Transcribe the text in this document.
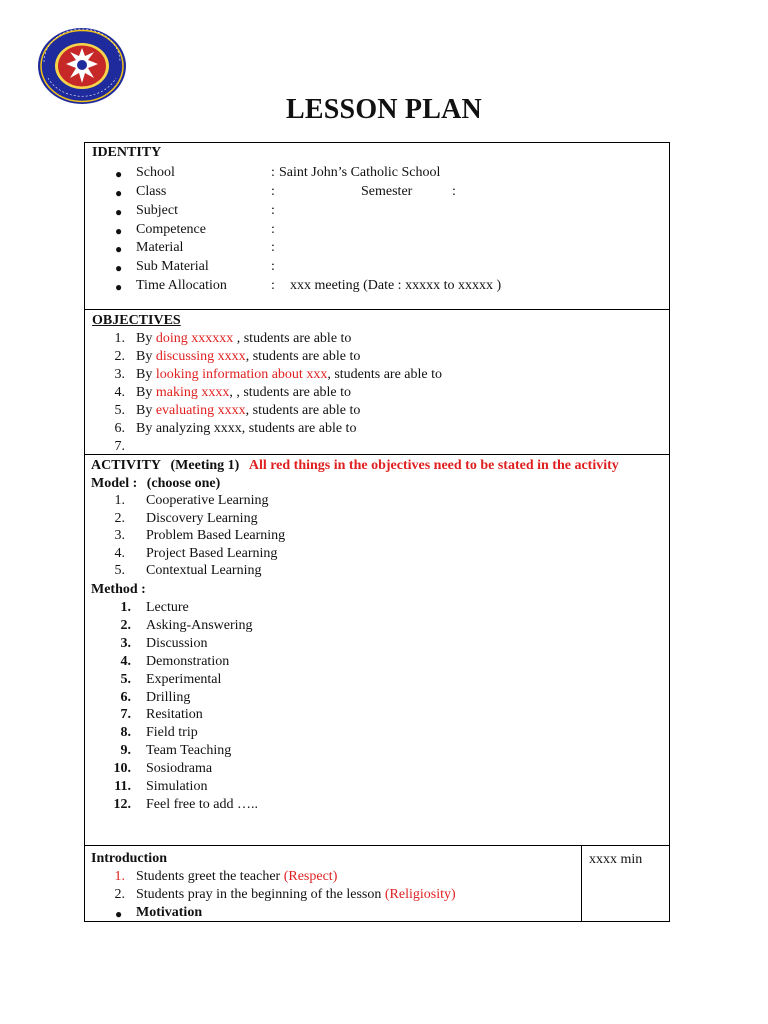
LESSON PLAN
IDENTITY
● School	: Saint John’s Catholic School
● Class	:	Semester	:
● Subject	:
● Competence	:
● Material	:
● Sub Material	:
● Time Allocation	: xxx meeting (Date : xxxxx to xxxxx )
OBJECTIVES
1. By doing xxxxxx , students are able to
2. By discussing xxxx, students are able to
3. By looking information about xxx, students are able to
4. By making xxxx, , students are able to
5. By evaluating xxxx, students are able to
6. By analyzing xxxx, students are able to
7.
ACTIVITY (Meeting 1) All red things in the objectives need to be stated in the activity
Model : (choose one)
1. Cooperative Learning
2. Discovery Learning
3. Problem Based Learning
4. Project Based Learning
5. Contextual Learning
Method :
1. Lecture
2. Asking-Answering
3. Discussion
4. Demonstration
5. Experimental
6. Drilling
7. Resitation
8. Field trip
9. Team Teaching
10. Sosiodrama
11. Simulation
12. Feel free to add …..
Introduction	xxxx min
1. Students greet the teacher (Respect)
2. Students pray in the beginning of the lesson (Religiosity)
● Motivation
